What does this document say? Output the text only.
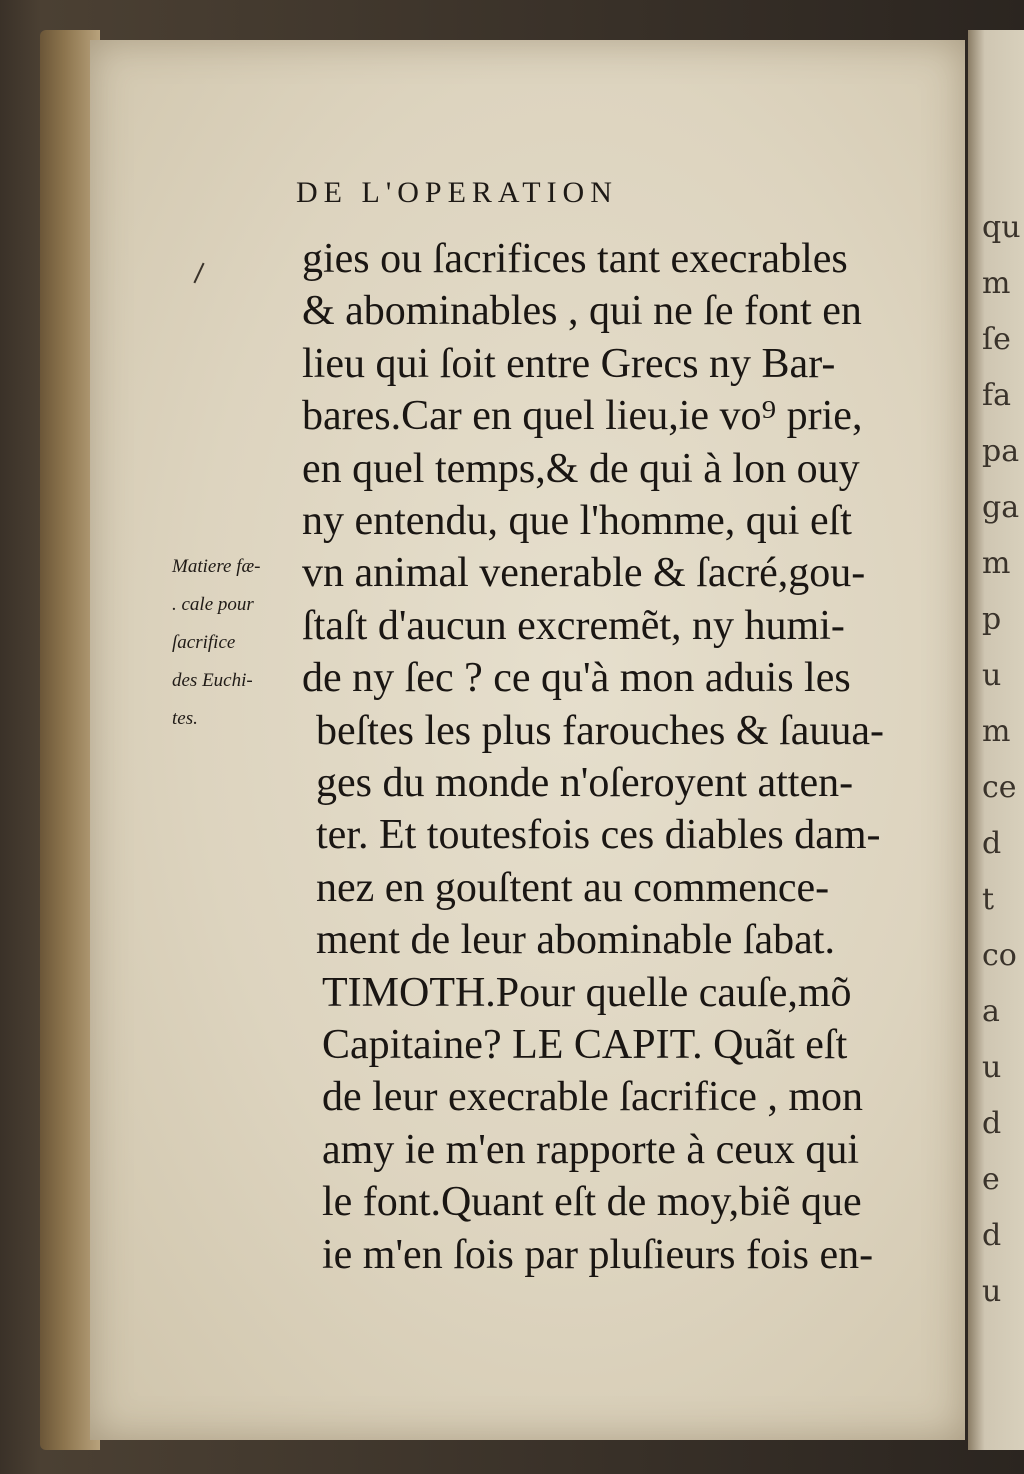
qu
m
ſe
fa
pa
ga
m
p
u
m
ce
d
t
co
a
u
d
e
d
u
DE L'OPERATION
Matiere fæ-
. cale pour
ſacrifice
des Euchi-
tes.
gies ou ſacrifices tant execrables
& abominables , qui ne ſe font en
lieu qui ſoit entre Grecs ny Bar-
bares.Car en quel lieu,ie vo⁹ prie,
en quel temps,& de qui à lon ouy
ny entendu, que l'homme, qui eſt
vn animal venerable & ſacré,gou-
ſtaſt d'aucun excremẽt, ny humi-
de ny ſec ? ce qu'à mon aduis les
beſtes les plus farouches & ſauua-
ges du monde n'oſeroyent atten-
ter. Et toutesfois ces diables dam-
nez en gouſtent au commence-
ment de leur abominable ſabat.
TIMOTH.Pour quelle cauſe,mõ
Capitaine? LE CAPIT. Quãt eſt
de leur execrable ſacrifice , mon
amy ie m'en rapporte à ceux qui
le font.Quant eſt de moy,biẽ que
ie m'en ſois par pluſieurs fois en-
